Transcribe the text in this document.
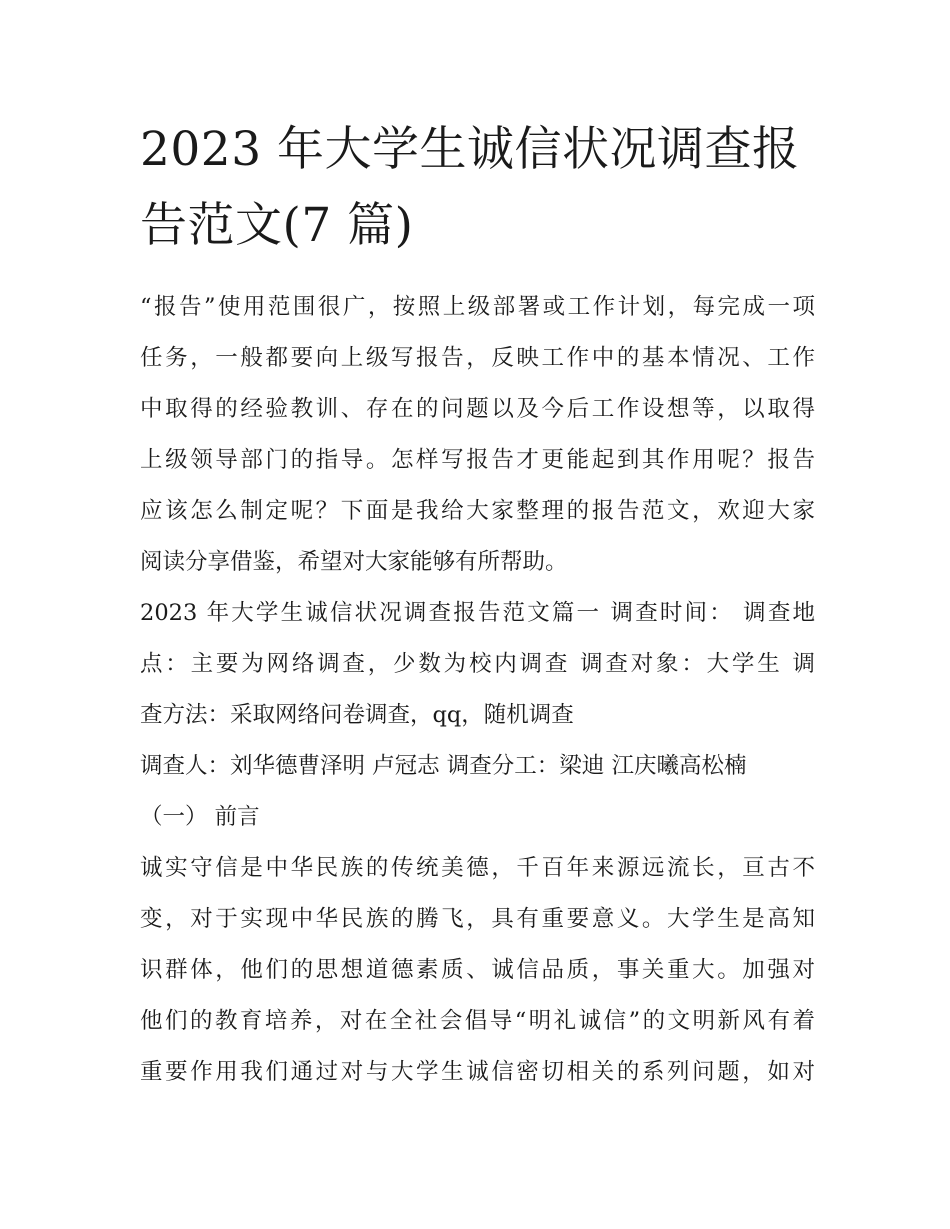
2023 年大学生诚信状况调查报
告范文(7 篇)

“报告”使用范围很广，按照上级部署或工作计划，每完成一项
任务，一般都要向上级写报告，反映工作中的基本情况、工作
中取得的经验教训、存在的问题以及今后工作设想等，以取得
上级领导部门的指导。怎样写报告才更能起到其作用呢？报告
应该怎么制定呢？下面是我给大家整理的报告范文，欢迎大家
阅读分享借鉴，希望对大家能够有所帮助。

2023 年大学生诚信状况调查报告范文篇一 调查时间： 调查地
点：主要为网络调查，少数为校内调查 调查对象：大学生 调
查方法：采取网络问卷调查，qq，随机调查

调查人：刘华德曹泽明 卢冠志 调查分工：梁迪 江庆曦高松楠

（一） 前言

诚实守信是中华民族的传统美德，千百年来源远流长，亘古不
变，对于实现中华民族的腾飞，具有重要意义。大学生是高知
识群体，他们的思想道德素质、诚信品质，事关重大。加强对
他们的教育培养，对在全社会倡导“明礼诚信”的文明新风有着
重要作用我们通过对与大学生诚信密切相关的系列问题，如对
